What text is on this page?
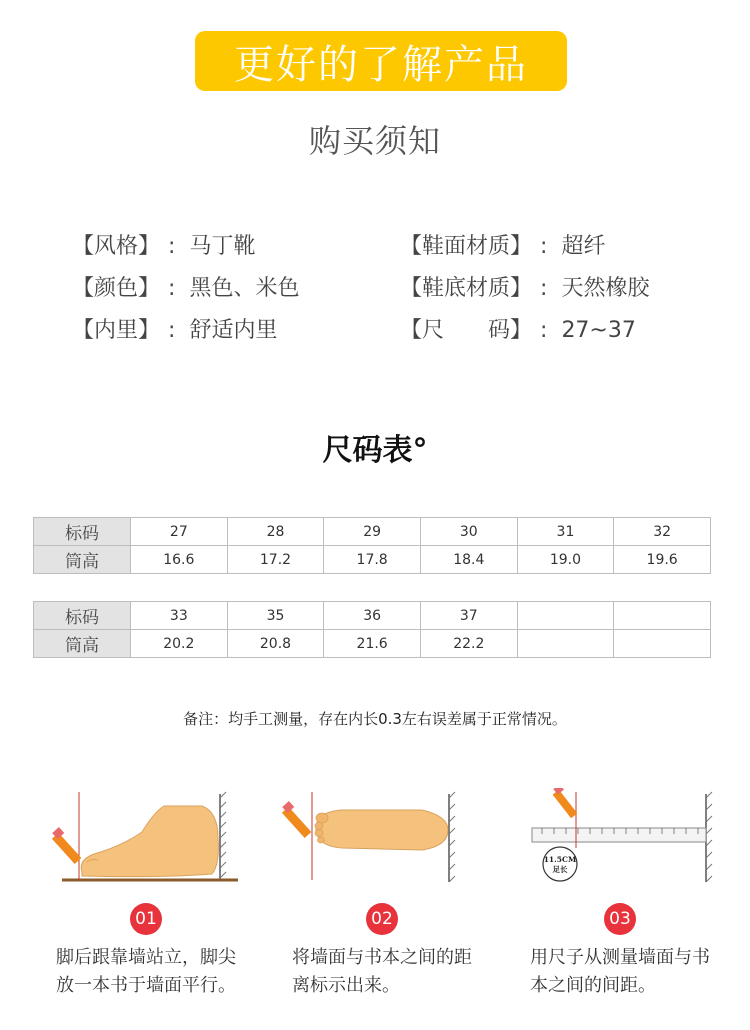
更好的了解产品
购买须知
【风格】 : 马丁靴
【颜色】 : 黑色、米色
【内里】 : 舒适内里
【鞋面材质】 : 超纤
【鞋底材质】 : 天然橡胶
【尺　　码】 : 27~37
尺码表°
标码	27	28	29	30	31	32
筒高	16.6	17.2	17.8	18.4	19.0	19.6
标码	33	35	36	37		
筒高	20.2	20.8	21.6	22.2		
备注：均手工测量，存在内长0.3左右误差属于正常情况。
11.5CM
足长
01	02	03
脚后跟靠墙站立，脚尖
放一本书于墙面平行。
将墙面与书本之间的距
离标示出来。
用尺子从测量墙面与书
本之间的间距。
